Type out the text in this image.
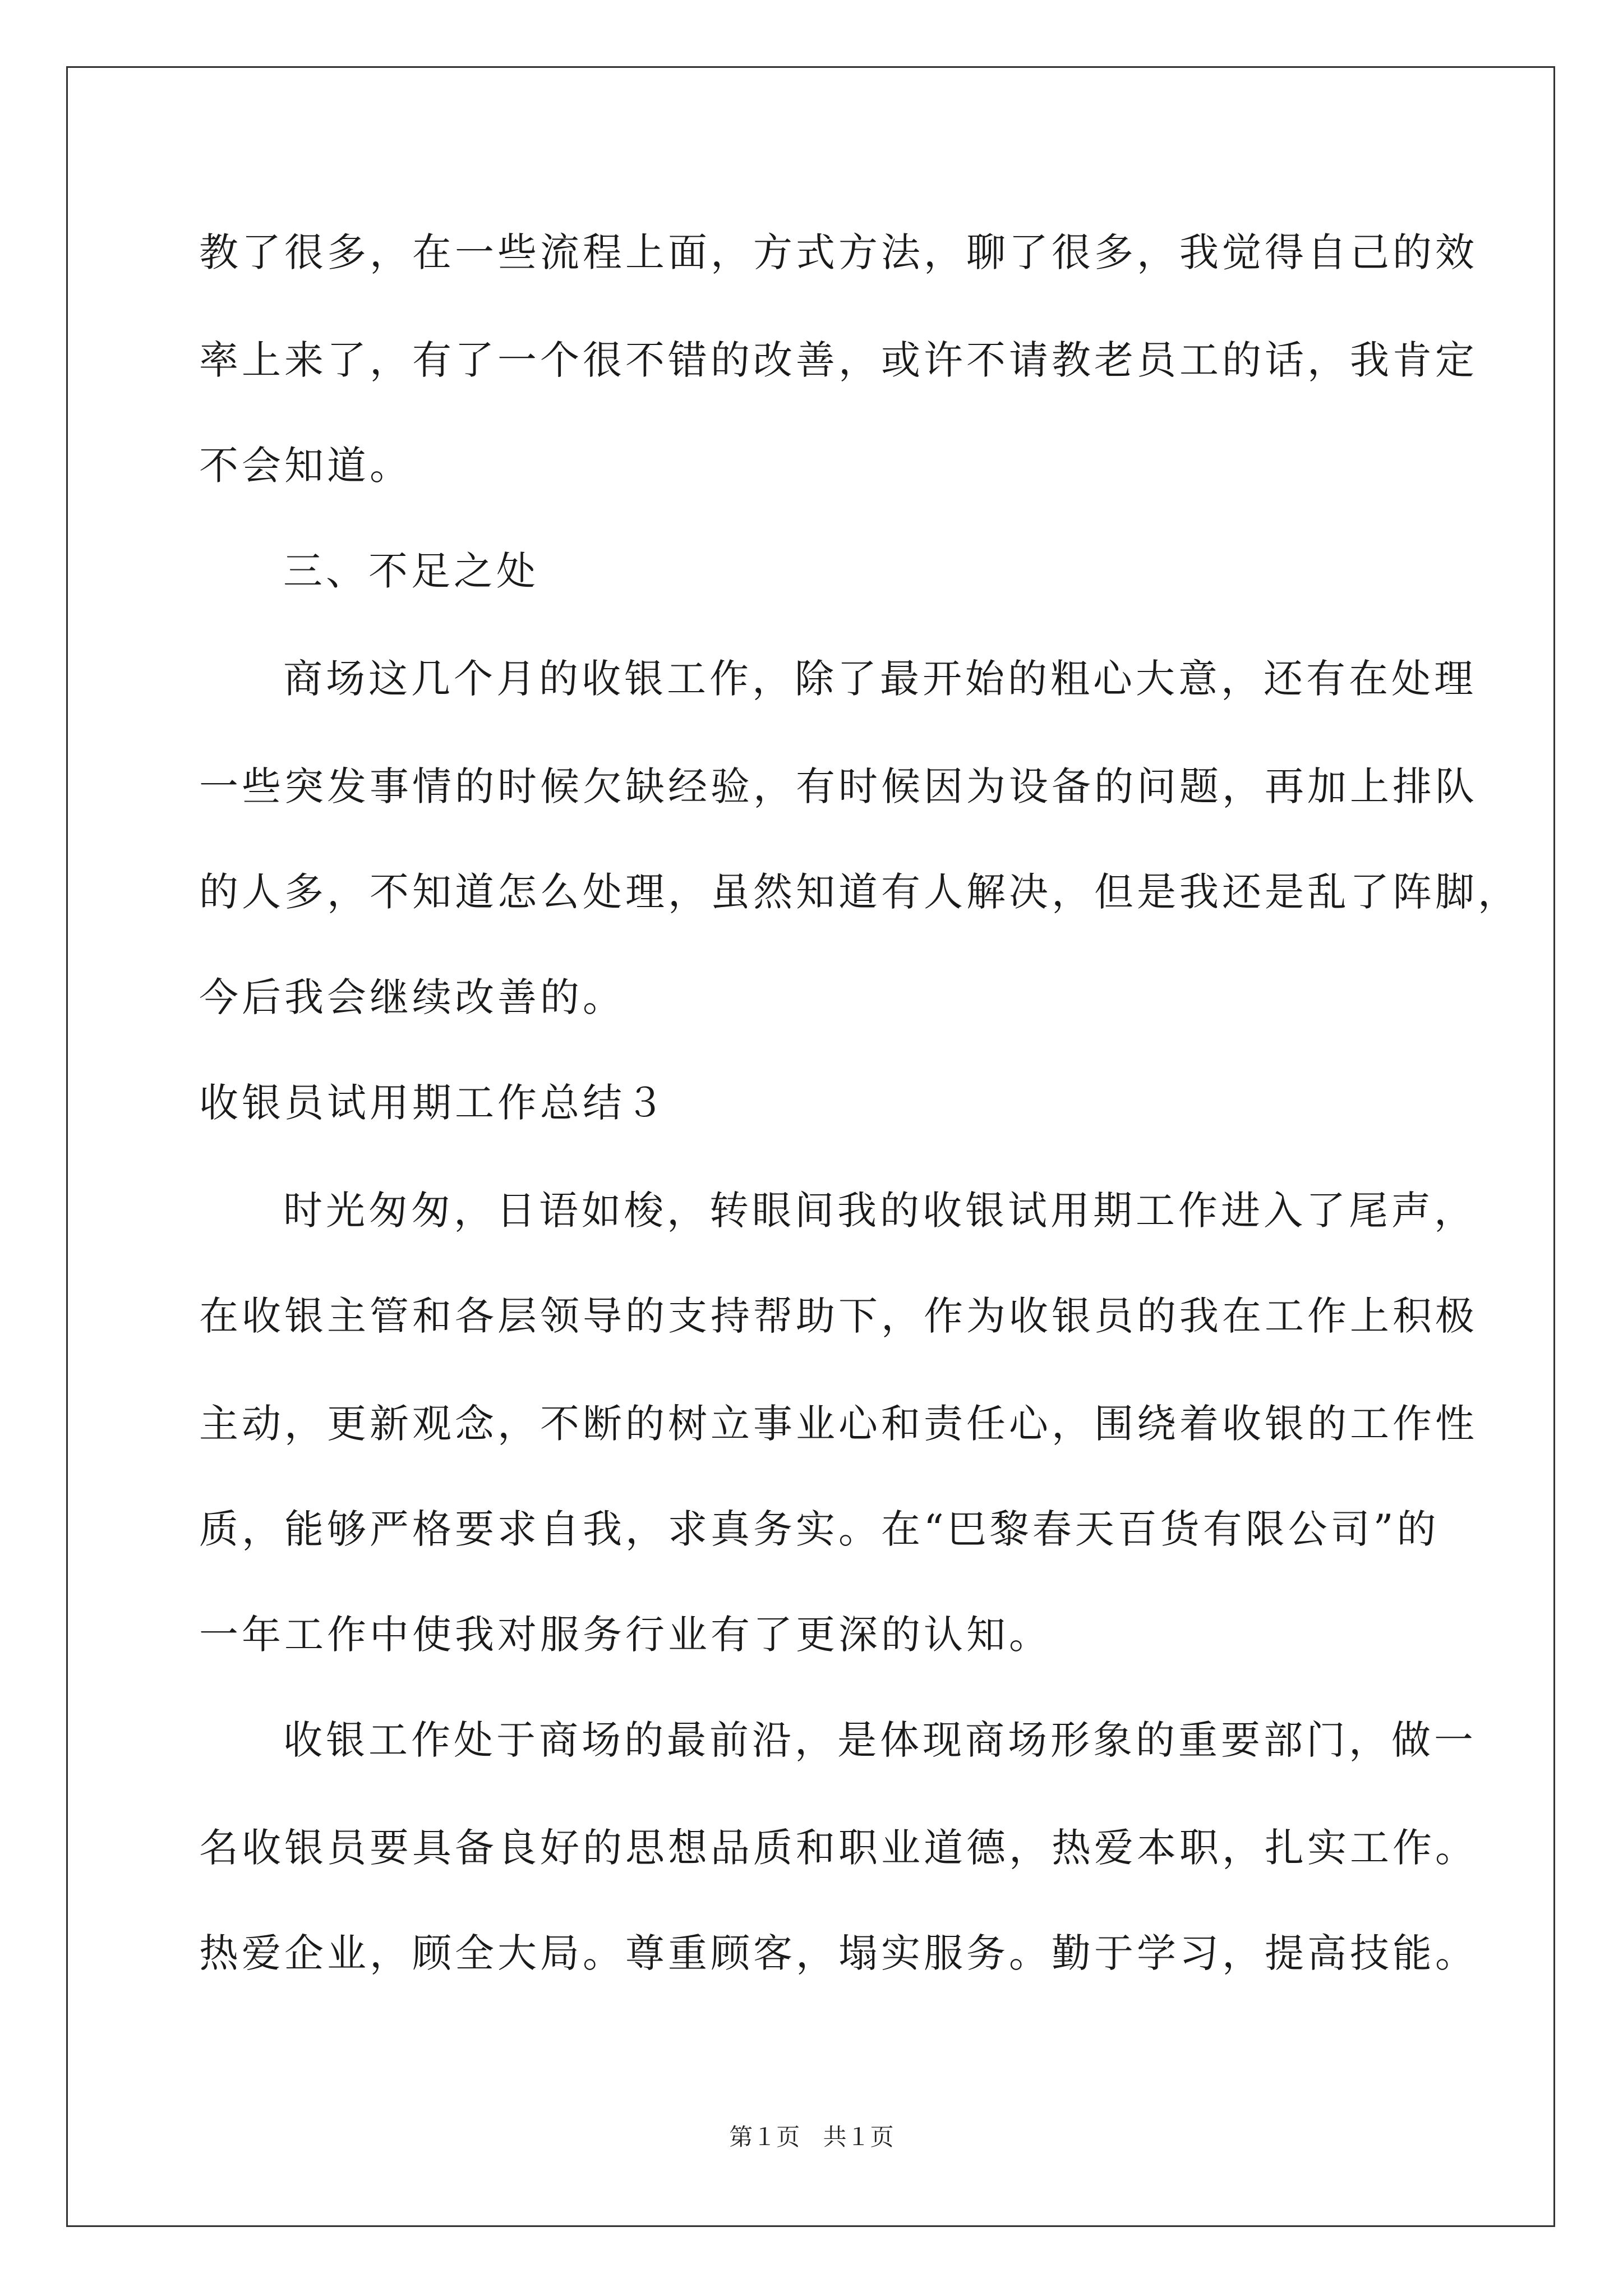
教了很多，在一些流程上面，方式方法，聊了很多，我觉得自己的效
率上来了，有了一个很不错的改善，或许不请教老员工的话，我肯定
不会知道。
三、不足之处
商场这几个月的收银工作，除了最开始的粗心大意，还有在处理
一些突发事情的时候欠缺经验，有时候因为设备的问题，再加上排队
的人多，不知道怎么处理，虽然知道有人解决，但是我还是乱了阵脚，
今后我会继续改善的。
收银员试用期工作总结３
时光匆匆，日语如梭，转眼间我的收银试用期工作进入了尾声，
在收银主管和各层领导的支持帮助下，作为收银员的我在工作上积极
主动，更新观念，不断的树立事业心和责任心，围绕着收银的工作性
质，能够严格要求自我，求真务实。在“巴黎春天百货有限公司”的
一年工作中使我对服务行业有了更深的认知。
收银工作处于商场的最前沿，是体现商场形象的重要部门，做一
名收银员要具备良好的思想品质和职业道德，热爱本职，扎实工作。
热爱企业，顾全大局。尊重顾客，塌实服务。勤于学习，提高技能。
第１页 共１页
